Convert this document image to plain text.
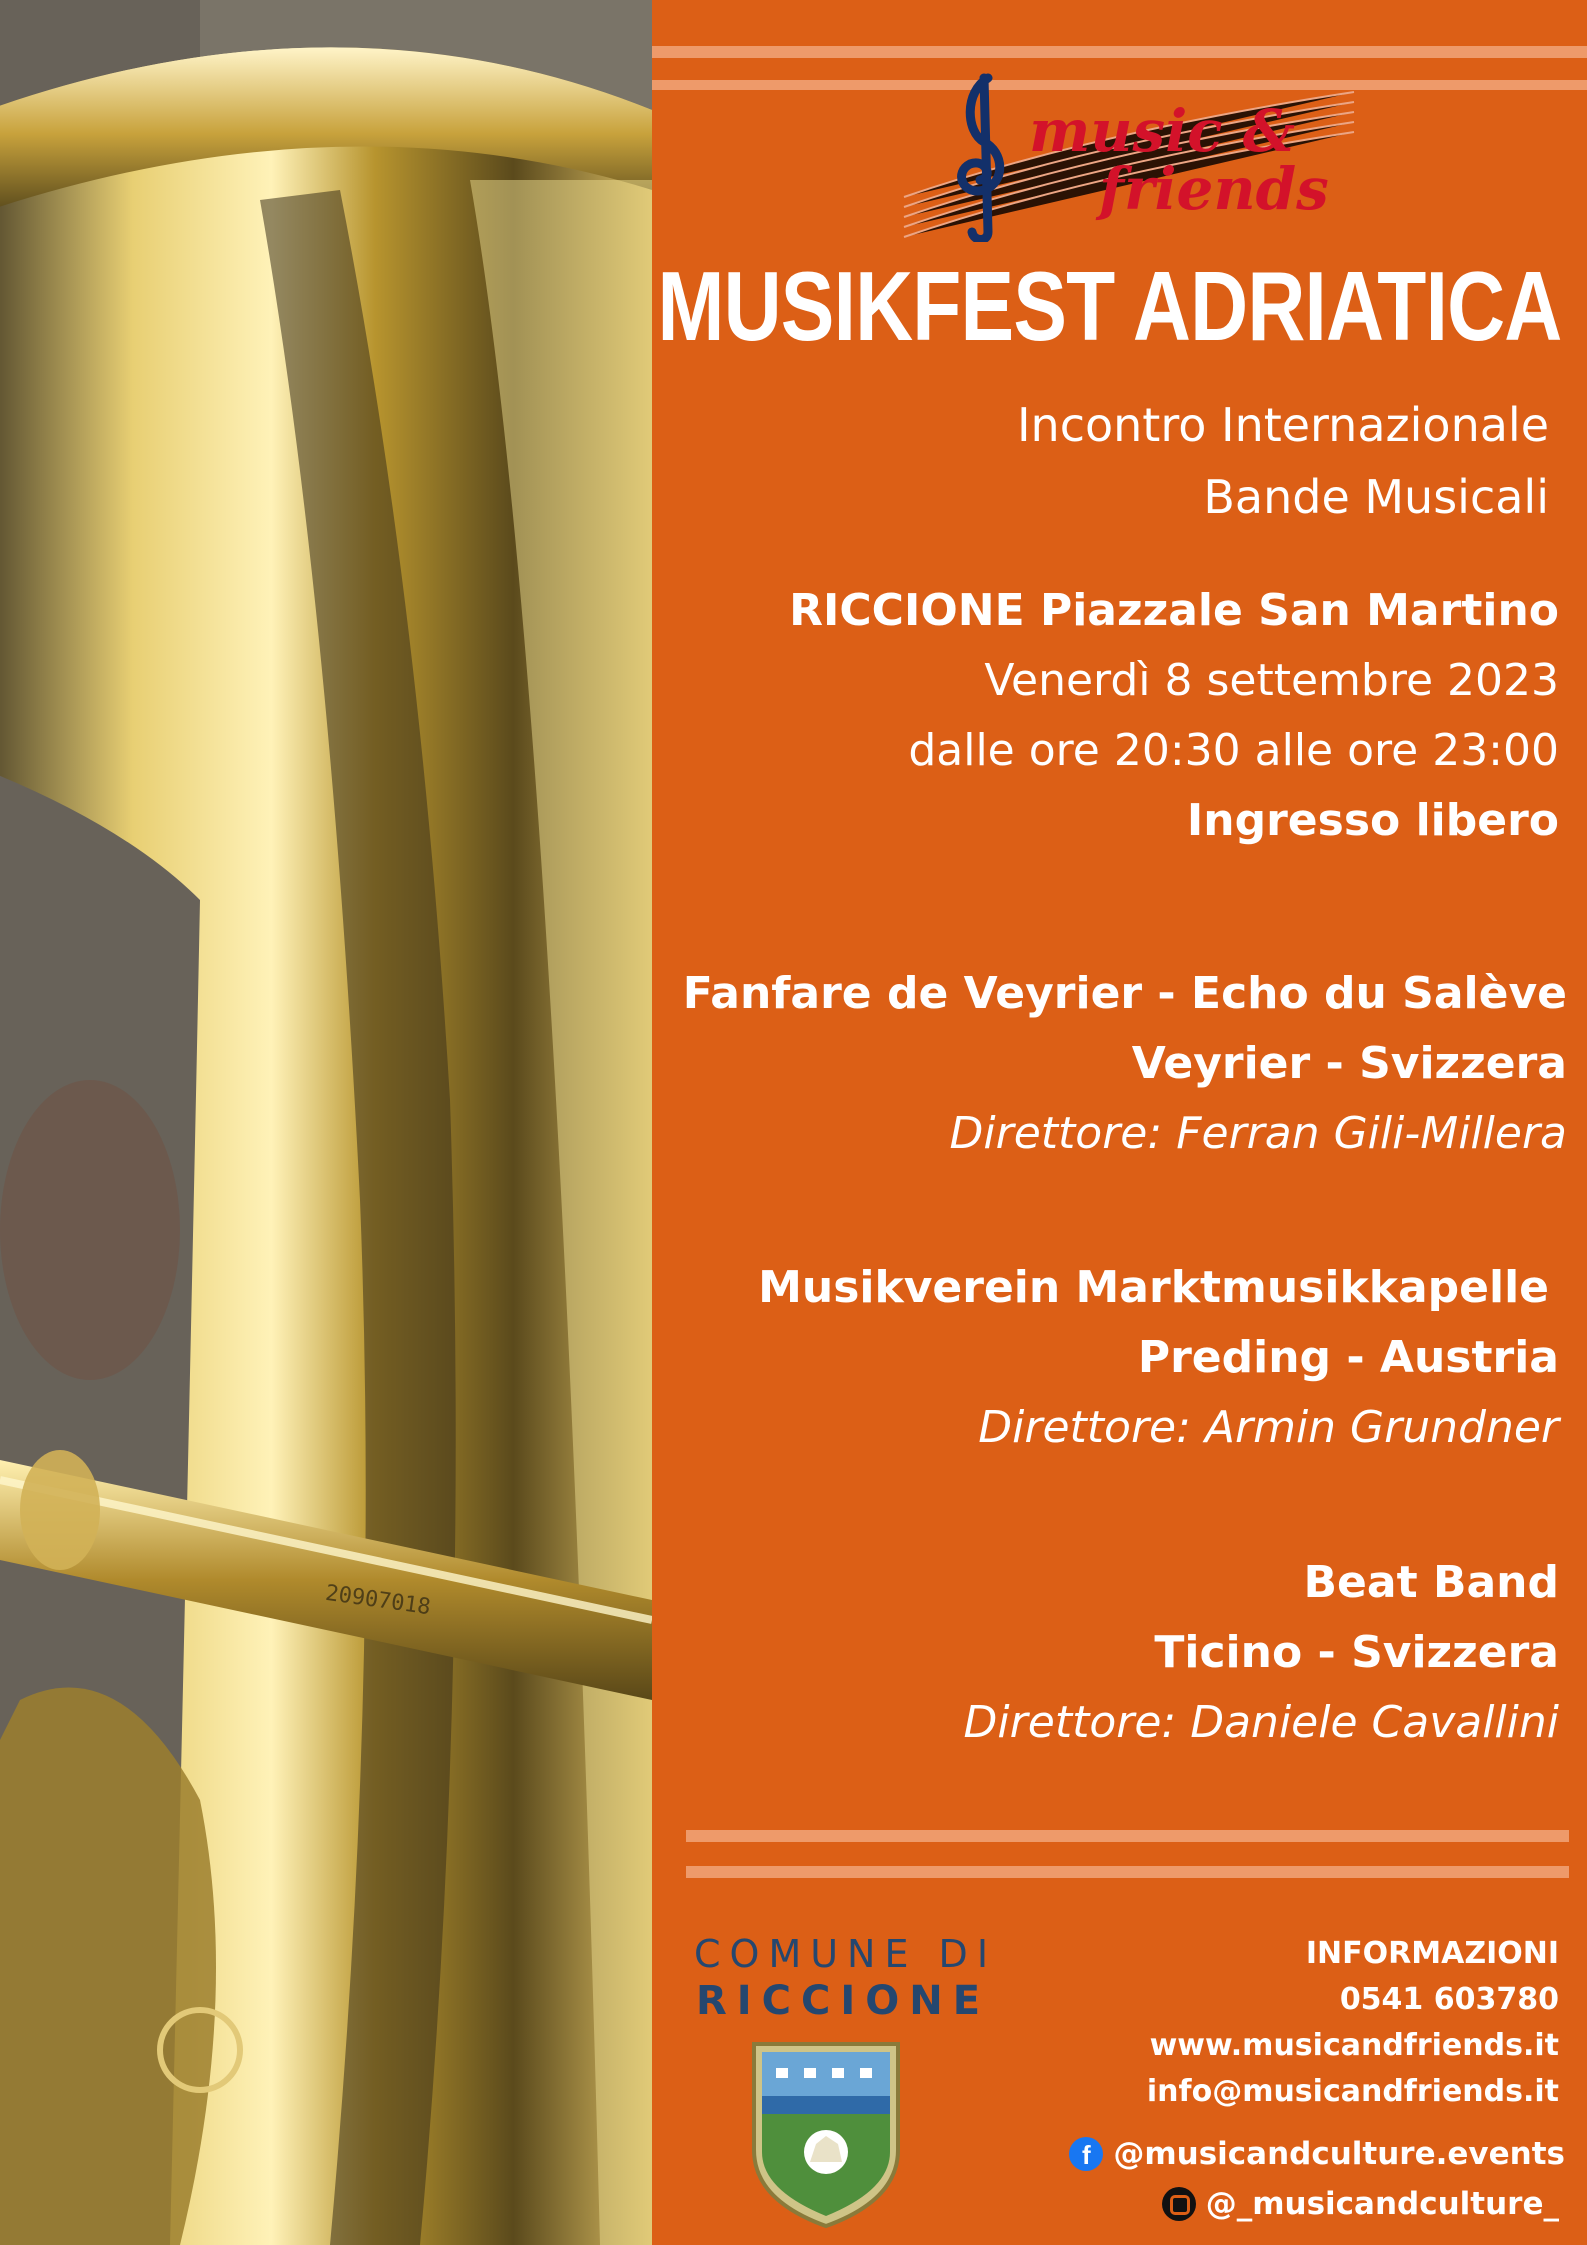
20907018
music &
friends
MUSIKFEST ADRIATICA
Incontro Internazionale
Bande Musicali
RICCIONE Piazzale San Martino
Venerdì 8 settembre 2023
dalle ore 20:30 alle ore 23:00
Ingresso libero
Fanfare de Veyrier - Echo du Salève
Veyrier - Svizzera
Direttore: Ferran Gili-Millera
Musikverein Marktmusikkapelle
Preding - Austria
Direttore: Armin Grundner
Beat Band
Ticino - Svizzera
Direttore: Daniele Cavallini
COMUNE DI
RICCIONE
INFORMAZIONI
0541 603780
www.musicandfriends.it
info@musicandfriends.it
f @musicandculture.events
@_musicandculture_
